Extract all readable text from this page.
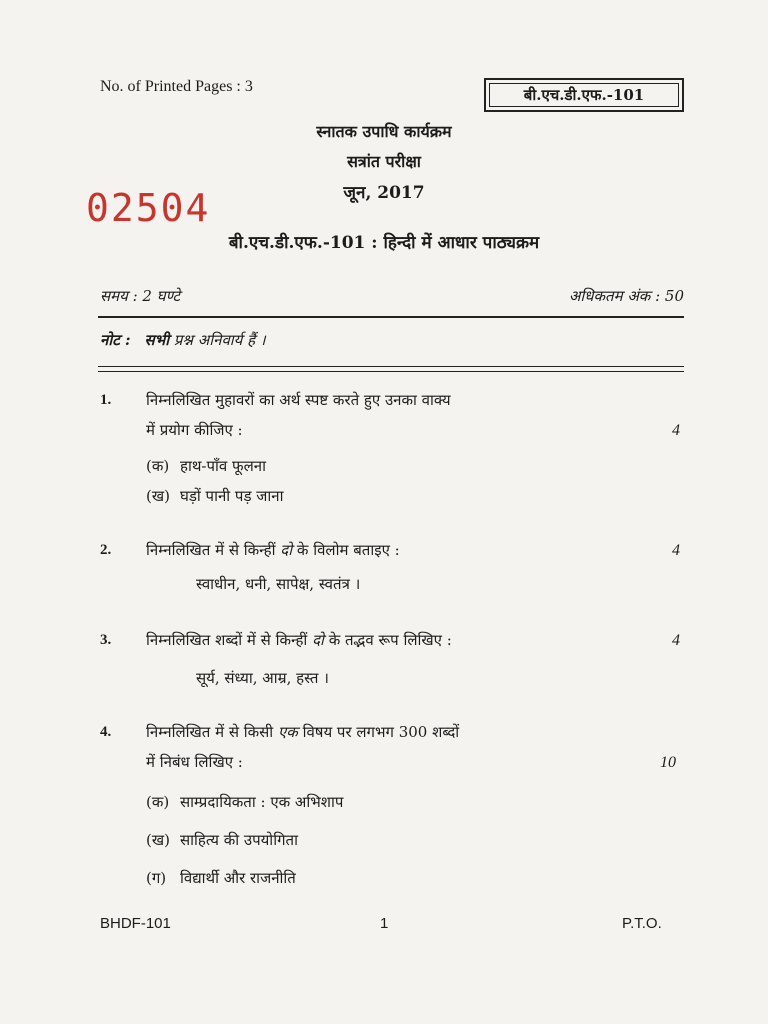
No. of Printed Pages : 3	बी.एच.डी.एफ.-101
स्नातक उपाधि कार्यक्रम
सत्रांत परीक्षा
जून, 2017
02504
बी.एच.डी.एफ.-101 : हिन्दी में आधार पाठ्यक्रम
समय : 2 घण्टे	अधिकतम अंक : 50
नोट : सभी प्रश्न अनिवार्य हैं ।
1. निम्नलिखित मुहावरों का अर्थ स्पष्ट करते हुए उनका वाक्य
में प्रयोग कीजिए :	4
(क) हाथ-पाँव फूलना
(ख) घड़ों पानी पड़ जाना
2. निम्नलिखित में से किन्हीं दो के विलोम बताइए :	4
स्वाधीन, धनी, सापेक्ष, स्वतंत्र ।
3. निम्नलिखित शब्दों में से किन्हीं दो के तद्भव रूप लिखिए :	4
सूर्य, संध्या, आम्र, हस्त ।
4. निम्नलिखित में से किसी एक विषय पर लगभग 300 शब्दों
में निबंध लिखिए :	10
(क) साम्प्रदायिकता : एक अभिशाप
(ख) साहित्य की उपयोगिता
(ग) विद्यार्थी और राजनीति
BHDF-101	1	P.T.O.
